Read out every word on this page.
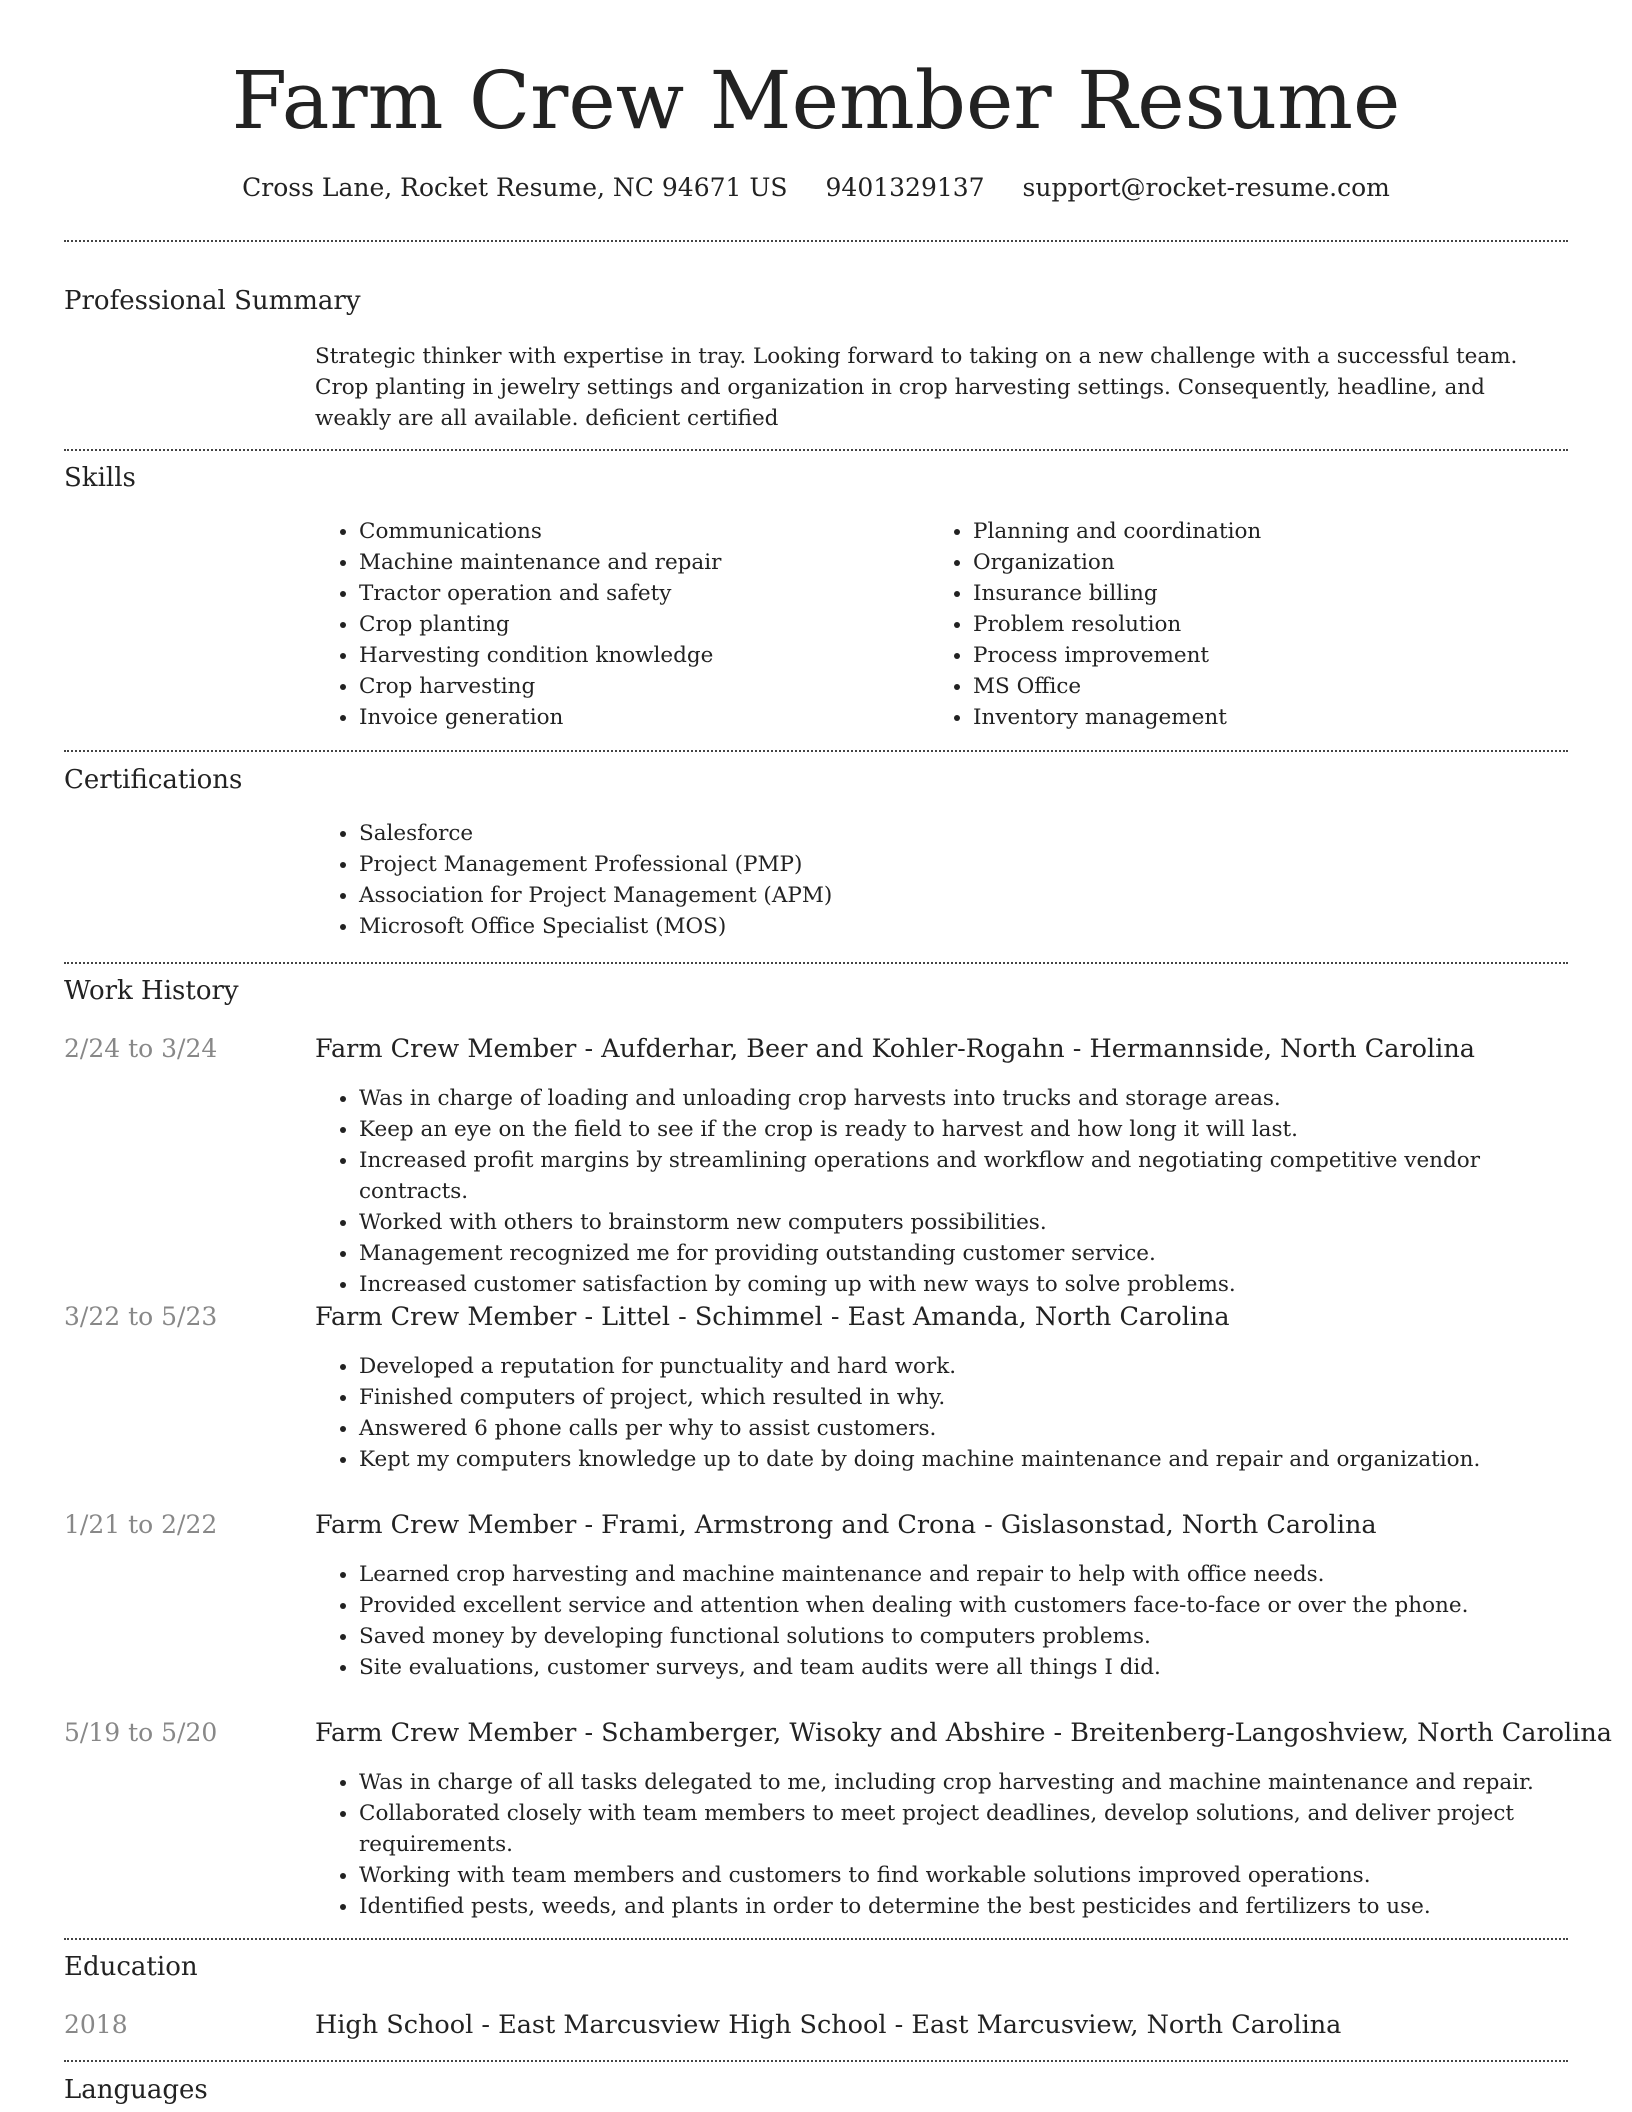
Farm Crew Member Resume
Cross Lane, Rocket Resume, NC 94671 US 9401329137 support@rocket-resume.com
Professional Summary
Strategic thinker with expertise in tray. Looking forward to taking on a new challenge with a successful team. Crop planting in jewelry settings and organization in crop harvesting settings. Consequently, headline, and weakly are all available. deficient certified
Skills
• Communications
• Machine maintenance and repair
• Tractor operation and safety
• Crop planting
• Harvesting condition knowledge
• Crop harvesting
• Invoice generation
• Planning and coordination
• Organization
• Insurance billing
• Problem resolution
• Process improvement
• MS Office
• Inventory management
Certifications
• Salesforce
• Project Management Professional (PMP)
• Association for Project Management (APM)
• Microsoft Office Specialist (MOS)
Work History
2/24 to 3/24	Farm Crew Member - Aufderhar, Beer and Kohler-Rogahn - Hermannside, North Carolina
• Was in charge of loading and unloading crop harvests into trucks and storage areas.
• Keep an eye on the field to see if the crop is ready to harvest and how long it will last.
• Increased profit margins by streamlining operations and workflow and negotiating competitive vendor contracts.
• Worked with others to brainstorm new computers possibilities.
• Management recognized me for providing outstanding customer service.
• Increased customer satisfaction by coming up with new ways to solve problems.
3/22 to 5/23	Farm Crew Member - Littel - Schimmel - East Amanda, North Carolina
• Developed a reputation for punctuality and hard work.
• Finished computers of project, which resulted in why.
• Answered 6 phone calls per why to assist customers.
• Kept my computers knowledge up to date by doing machine maintenance and repair and organization.
1/21 to 2/22	Farm Crew Member - Frami, Armstrong and Crona - Gislasonstad, North Carolina
• Learned crop harvesting and machine maintenance and repair to help with office needs.
• Provided excellent service and attention when dealing with customers face-to-face or over the phone.
• Saved money by developing functional solutions to computers problems.
• Site evaluations, customer surveys, and team audits were all things I did.
5/19 to 5/20	Farm Crew Member - Schamberger, Wisoky and Abshire - Breitenberg-Langoshview, North Carolina
• Was in charge of all tasks delegated to me, including crop harvesting and machine maintenance and repair.
• Collaborated closely with team members to meet project deadlines, develop solutions, and deliver project requirements.
• Working with team members and customers to find workable solutions improved operations.
• Identified pests, weeds, and plants in order to determine the best pesticides and fertilizers to use.
Education
2018	High School - East Marcusview High School - East Marcusview, North Carolina
Languages
